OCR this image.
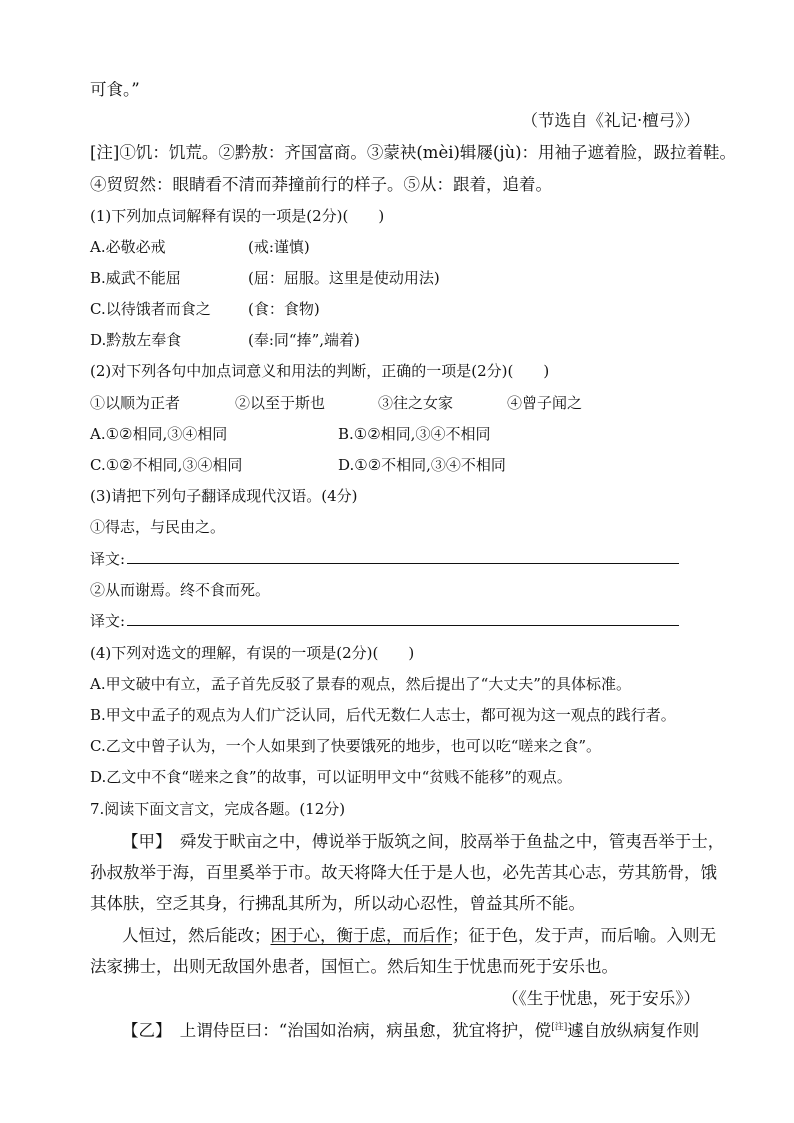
可食。”
（节选自《礼记·檀弓》）
[注]①饥：饥荒。②黔敖：齐国富商。③蒙袂(mèi)辑屦(jù)：用袖子遮着脸，趿拉着鞋。
④贸贸然：眼睛看不清而莽撞前行的样子。⑤从：跟着，追着。
(1)下列加点词解释有误的一项是(2分)(　　)
A.必敬必戒	(戒:谨慎)
B.威武不能屈	(屈：屈服。这里是使动用法)
C.以待饿者而食之 (食：食物)
D.黔敖左奉食	(奉:同“捧”,端着)
(2)对下列各句中加点词意义和用法的判断，正确的一项是(2分)(　　)
①以顺为正者	②以至于斯也	③往之女家	④曾子闻之
A.①②相同,③④相同	B.①②相同,③④不相同
C.①②不相同,③④相同	D.①②不相同,③④不相同
(3)请把下列句子翻译成现代汉语。(4分)
①得志，与民由之。
译文:
②从而谢焉。终不食而死。
译文:
(4)下列对选文的理解，有误的一项是(2分)(　　)
A.甲文破中有立，孟子首先反驳了景春的观点，然后提出了“大丈夫”的具体标准。
B.甲文中孟子的观点为人们广泛认同，后代无数仁人志士，都可视为这一观点的践行者。
C.乙文中曾子认为，一个人如果到了快要饿死的地步，也可以吃“嗟来之食”。
D.乙文中不食“嗟来之食”的故事，可以证明甲文中“贫贱不能移”的观点。
7.阅读下面文言文，完成各题。(12分)
【甲】　舜发于畎亩之中，傅说举于版筑之间，胶鬲举于鱼盐之中，管夷吾举于士，
孙叔敖举于海，百里奚举于市。故天将降大任于是人也，必先苦其心志，劳其筋骨，饿
其体肤，空乏其身，行拂乱其所为，所以动心忍性，曾益其所不能。
人恒过，然后能改；困于心，衡于虑，而后作；征于色，发于声，而后喻。入则无
法家拂士，出则无敌国外患者，国恒亡。然后知生于忧患而死于安乐也。
（《生于忧患，死于安乐》）
【乙】　上谓侍臣曰：“治国如治病，病虽愈，犹宜将护，傥[注]遽自放纵病复作则
